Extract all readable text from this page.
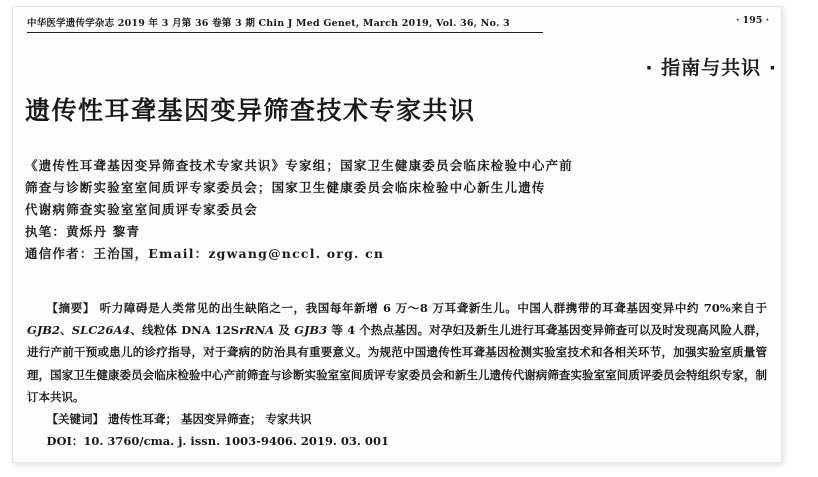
中华医学遗传学杂志 2019 年 3 月第 36 卷第 3 期 Chin J Med Genet, March 2019, Vol. 36, No. 3	· 195 ·
· 指南与共识 ·
遗传性耳聋基因变异筛查技术专家共识
《遗传性耳聋基因变异筛查技术专家共识》专家组；国家卫生健康委员会临床检验中心产前
筛查与诊断实验室室间质评专家委员会；国家卫生健康委员会临床检验中心新生儿遗传
代谢病筛查实验室室间质评专家委员会
执笔：黄烁丹 黎青
通信作者：王治国，Email：zgwang@nccl. org. cn
【摘要】 听力障碍是人类常见的出生缺陷之一，我国每年新增 6 万～8 万耳聋新生儿。中国人群携带的耳聋基因变异中约 70%来自于 GJB2、SLC26A4、线粒体 DNA 12SrRNA 及 GJB3 等 4 个热点基因。对孕妇及新生儿进行耳聋基因变异筛查可以及时发现高风险人群，进行产前干预或患儿的诊疗指导，对于聋病的防治具有重要意义。为规范中国遗传性耳聋基因检测实验室技术和各相关环节，加强实验室质量管理，国家卫生健康委员会临床检验中心产前筛查与诊断实验室室间质评专家委员会和新生儿遗传代谢病筛查实验室室间质评委员会特组织专家，制订本共识。
【关键词】 遗传性耳聋； 基因变异筛查； 专家共识
DOI：10. 3760/cma. j. issn. 1003-9406. 2019. 03. 001
